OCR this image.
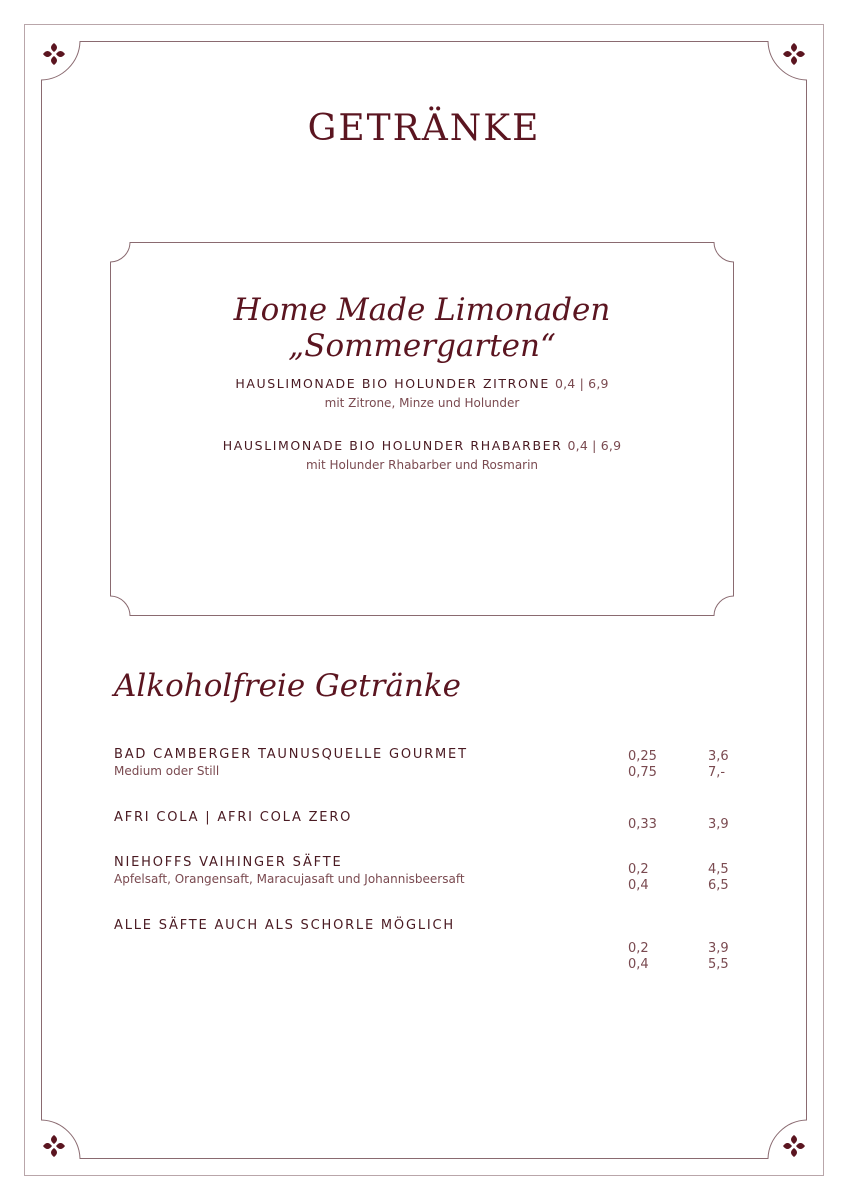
GETRÄNKE
Home Made Limonaden „Sommergarten“
HAUSLIMONADE BIO HOLUNDER ZITRONE 0,4 | 6,9
mit Zitrone, Minze und Holunder
HAUSLIMONADE BIO HOLUNDER RHABARBER 0,4 | 6,9
mit Holunder Rhabarber und Rosmarin
Alkoholfreie Getränke
BAD CAMBERGER TAUNUSQUELLE GOURMET
Medium oder Still
0,25
0,75
3,6
7,-
AFRI COLA | AFRI COLA ZERO	0,33	3,9
NIEHOFFS VAIHINGER SÄFTE
Apfelsaft, Orangensaft, Maracujasaft und Johannisbeersaft
0,2
0,4
4,5
6,5
ALLE SÄFTE AUCH ALS SCHORLE MÖGLICH
0,2
0,4
3,9
5,5
